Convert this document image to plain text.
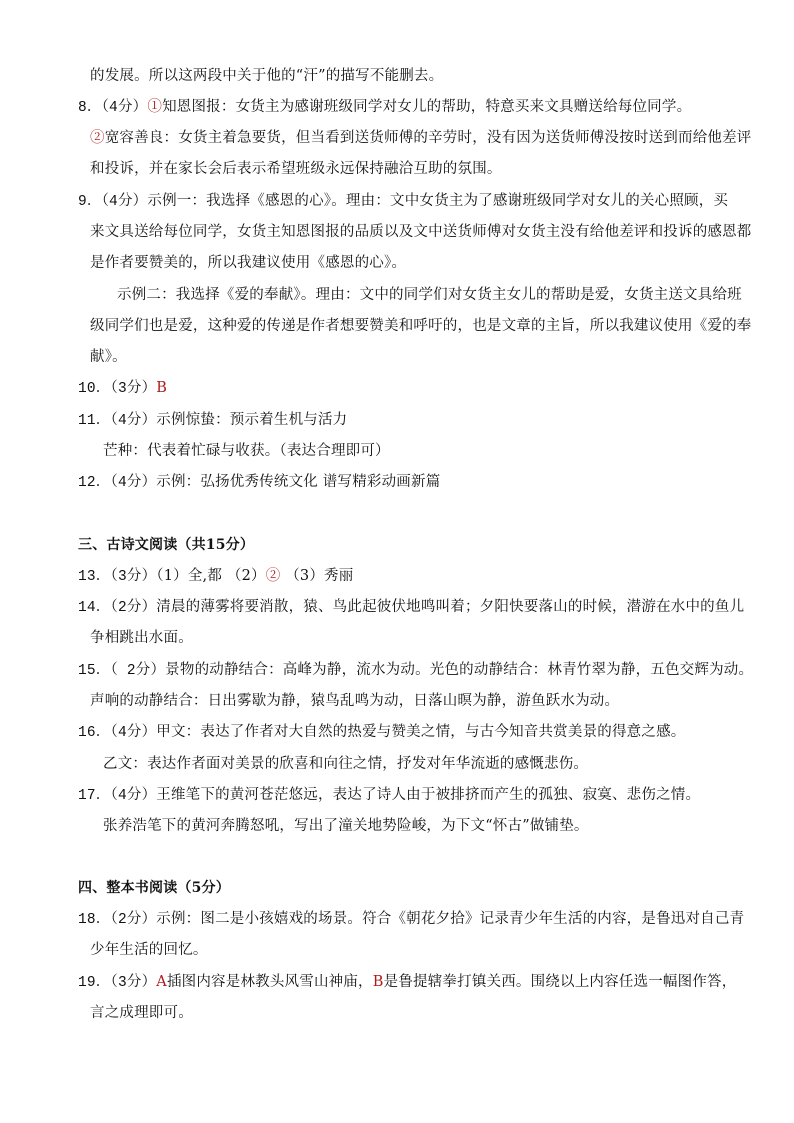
的发展。所以这两段中关于他的“汗”的描写不能删去。
8．（4分）①知恩图报：女货主为感谢班级同学对女儿的帮助，特意买来文具赠送给每位同学。
②宽容善良：女货主着急要货，但当看到送货师傅的辛劳时，没有因为送货师傅没按时送到而给他差评
和投诉，并在家长会后表示希望班级永远保持融洽互助的氛围。
9．（4分）示例一：我选择《感恩的心》。理由：文中女货主为了感谢班级同学对女儿的关心照顾，买
来文具送给每位同学，女货主知恩图报的品质以及文中送货师傅对女货主没有给他差评和投诉的感恩都
是作者要赞美的，所以我建议使用《感恩的心》。
示例二：我选择《爱的奉献》。理由：文中的同学们对女货主女儿的帮助是爱，女货主送文具给班
级同学们也是爱，这种爱的传递是作者想要赞美和呼吁的，也是文章的主旨，所以我建议使用《爱的奉
献》。
10．（3分）B
11．（4分）示例惊蛰：预示着生机与活力
芒种：代表着忙碌与收获。（表达合理即可）
12．（4分）示例：弘扬优秀传统文化 谱写精彩动画新篇
三、古诗文阅读（共15分）
13．（3分）（1）全,都 （2）② （3）秀丽
14．（2分）清晨的薄雾将要消散，猿、鸟此起彼伏地鸣叫着；夕阳快要落山的时候，潜游在水中的鱼儿
争相跳出水面。
15．（ 2分）景物的动静结合：高峰为静，流水为动。光色的动静结合：林青竹翠为静，五色交辉为动。
声响的动静结合：日出雾歇为静，猿鸟乱鸣为动，日落山暝为静，游鱼跃水为动。
16．（4分）甲文：表达了作者对大自然的热爱与赞美之情，与古今知音共赏美景的得意之感。
乙文：表达作者面对美景的欣喜和向往之情，抒发对年华流逝的感慨悲伤。
17．（4分）王维笔下的黄河苍茫悠远，表达了诗人由于被排挤而产生的孤独、寂寞、悲伤之情。
张养浩笔下的黄河奔腾怒吼，写出了潼关地势险峻，为下文“怀古”做铺垫。
四、整本书阅读（5分）
18．（2分）示例：图二是小孩嬉戏的场景。符合《朝花夕拾》记录青少年生活的内容，是鲁迅对自己青
少年生活的回忆。
19．（3分）A插图内容是林教头风雪山神庙，B是鲁提辖拳打镇关西。围绕以上内容任选一幅图作答，
言之成理即可。
